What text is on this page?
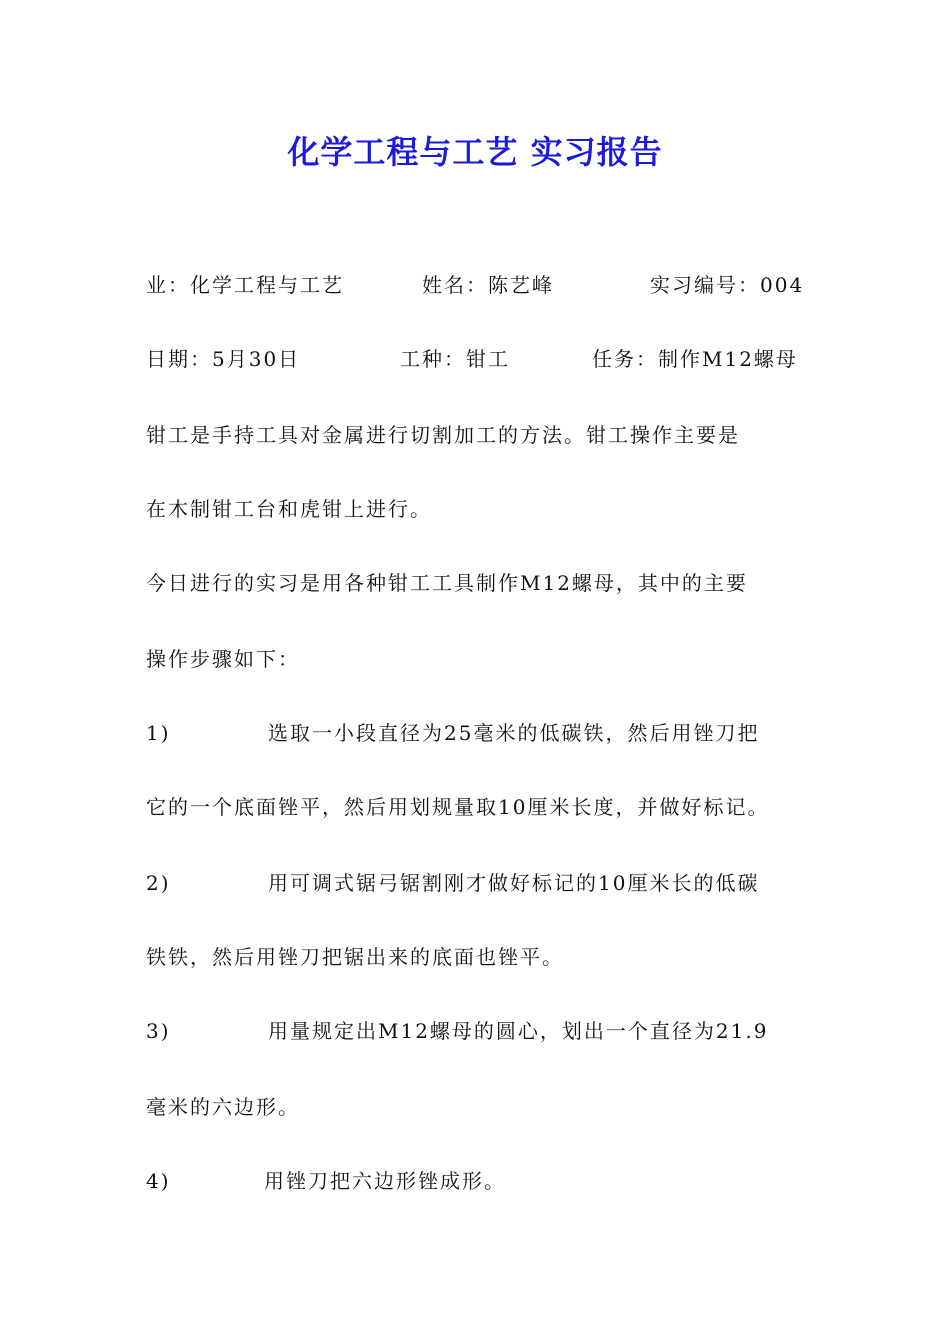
化学工程与工艺 实习报告
业：化学工程与工艺	姓名：陈艺峰	实习编号：004
日期：5月30日	工种：钳工	任务：制作M12螺母
钳工是手持工具对金属进行切割加工的方法。钳工操作主要是
在木制钳工台和虎钳上进行。
今日进行的实习是用各种钳工工具制作M12螺母，其中的主要
操作步骤如下：
1)	选取一小段直径为25毫米的低碳铁，然后用锉刀把
它的一个底面锉平，然后用划规量取10厘米长度，并做好标记。
2)	用可调式锯弓锯割刚才做好标记的10厘米长的低碳
铁铁，然后用锉刀把锯出来的底面也锉平。
3)	用量规定出M12螺母的圆心，划出一个直径为21.9
毫米的六边形。
4)	用锉刀把六边形锉成形。
